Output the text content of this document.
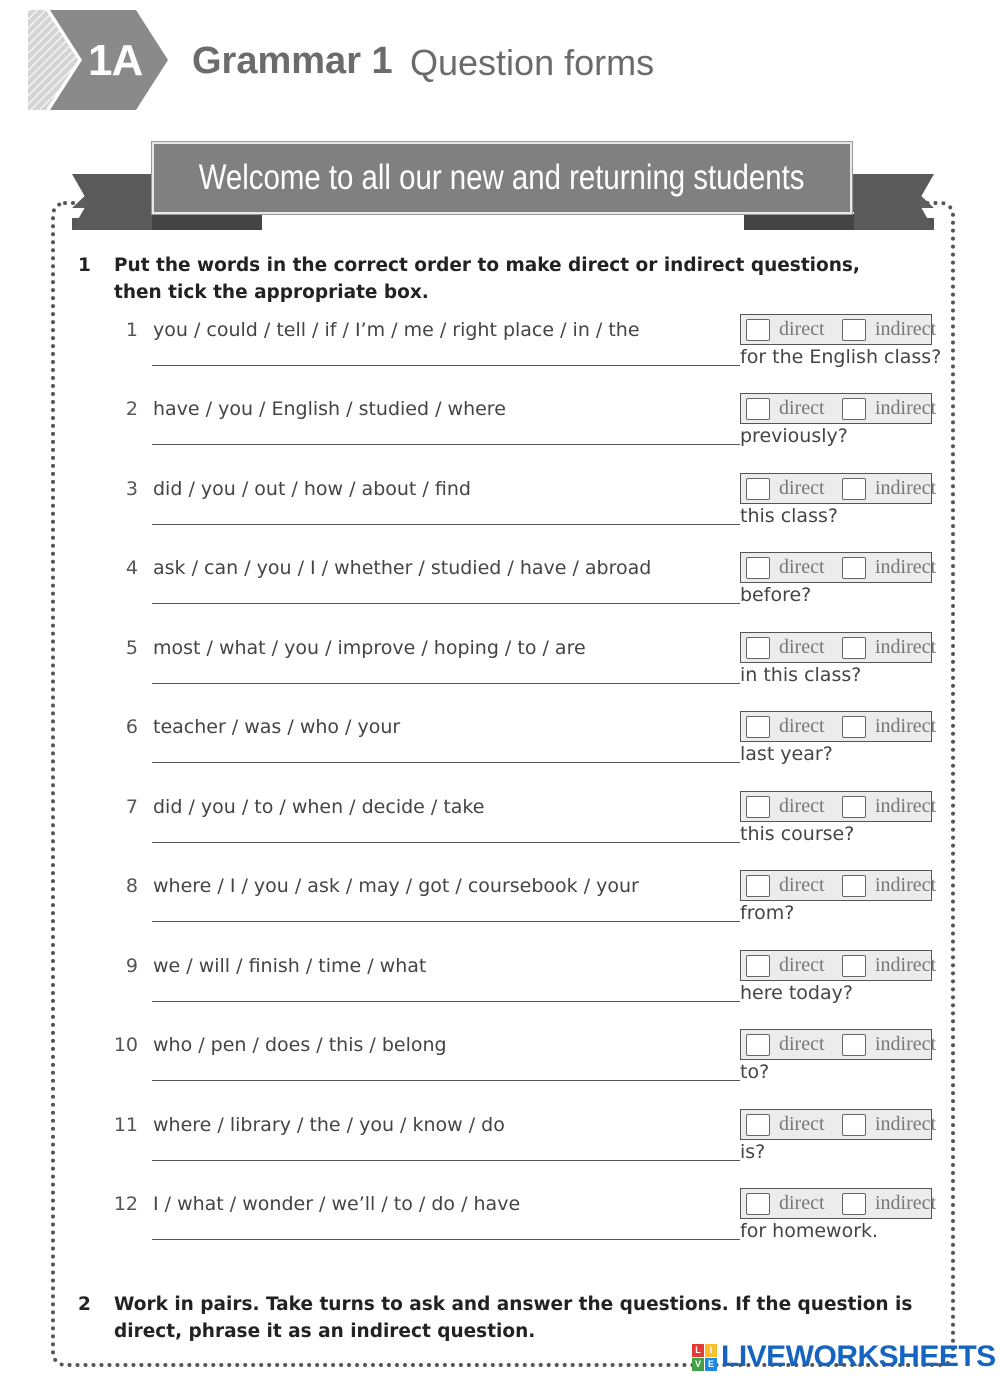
1A Grammar 1 Question forms
Welcome to all our new and returning students
1 Put the words in the correct order to make direct or indirect questions, then tick the appropriate box.
1 you / could / tell / if / I’m / me / right place / in / the
for the English class?
direct	indirect
2 have / you / English / studied / where
previously?
direct	indirect
3 did / you / out / how / about / find
this class?
direct	indirect
4 ask / can / you / I / whether / studied / have / abroad
before?
direct	indirect
5 most / what / you / improve / hoping / to / are
in this class?
direct	indirect
6 teacher / was / who / your
last year?
direct	indirect
7 did / you / to / when / decide / take
this course?
direct	indirect
8 where / I / you / ask / may / got / coursebook / your
from?
direct	indirect
9 we / will / finish / time / what
here today?
direct	indirect
10 who / pen / does / this / belong
to?
direct	indirect
11 where / library / the / you / know / do
is?
direct	indirect
12 I / what / wonder / we’ll / to / do / have
for homework.
direct	indirect
2 Work in pairs. Take turns to ask and answer the questions. If the question is direct, phrase it as an indirect question.
L I
V E LIVEWORKSHEETS
